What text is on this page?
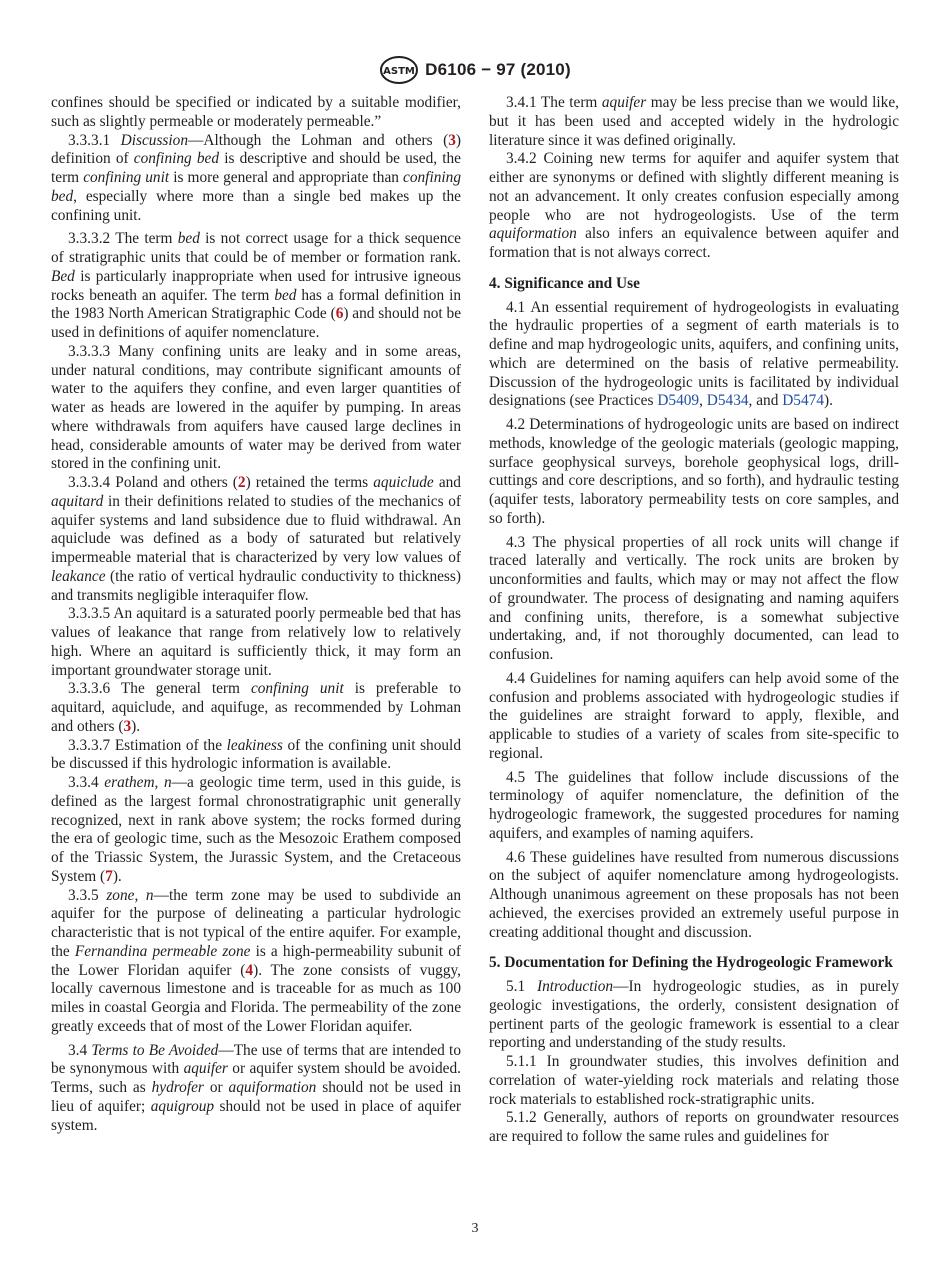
ASTM D6106 − 97 (2010)

confines should be specified or indicated by a suitable modifier, such as slightly permeable or moderately permeable.”

3.3.3.1 Discussion—Although the Lohman and others (3) definition of confining bed is descriptive and should be used, the term confining unit is more general and appropriate than confining bed, especially where more than a single bed makes up the confining unit.

3.3.3.2 The term bed is not correct usage for a thick sequence of stratigraphic units that could be of member or formation rank. Bed is particularly inappropriate when used for intrusive igneous rocks beneath an aquifer. The term bed has a formal definition in the 1983 North American Stratigraphic Code (6) and should not be used in definitions of aquifer nomenclature.

3.3.3.3 Many confining units are leaky and in some areas, under natural conditions, may contribute significant amounts of water to the aquifers they confine, and even larger quantities of water as heads are lowered in the aquifer by pumping. In areas where withdrawals from aquifers have caused large declines in head, considerable amounts of water may be derived from water stored in the confining unit.

3.3.3.4 Poland and others (2) retained the terms aquiclude and aquitard in their definitions related to studies of the mechanics of aquifer systems and land subsidence due to fluid withdrawal. An aquiclude was defined as a body of saturated but relatively impermeable material that is characterized by very low values of leakance (the ratio of vertical hydraulic conductivity to thickness) and transmits negligible interaquifer flow.

3.3.3.5 An aquitard is a saturated poorly permeable bed that has values of leakance that range from relatively low to relatively high. Where an aquitard is sufficiently thick, it may form an important groundwater storage unit.

3.3.3.6 The general term confining unit is preferable to aquitard, aquiclude, and aquifuge, as recommended by Lohman and others (3).

3.3.3.7 Estimation of the leakiness of the confining unit should be discussed if this hydrologic information is available.

3.3.4 erathem, n—a geologic time term, used in this guide, is defined as the largest formal chronostratigraphic unit generally recognized, next in rank above system; the rocks formed during the era of geologic time, such as the Mesozoic Erathem composed of the Triassic System, the Jurassic System, and the Cretaceous System (7).

3.3.5 zone, n—the term zone may be used to subdivide an aquifer for the purpose of delineating a particular hydrologic characteristic that is not typical of the entire aquifer. For example, the Fernandina permeable zone is a high-permeability subunit of the Lower Floridan aquifer (4). The zone consists of vuggy, locally cavernous limestone and is traceable for as much as 100 miles in coastal Georgia and Florida. The permeability of the zone greatly exceeds that of most of the Lower Floridan aquifer.

3.4 Terms to Be Avoided—The use of terms that are intended to be synonymous with aquifer or aquifer system should be avoided. Terms, such as hydrofer or aquiformation should not be used in lieu of aquifer; aquigroup should not be used in place of aquifer system.

3.4.1 The term aquifer may be less precise than we would like, but it has been used and accepted widely in the hydrologic literature since it was defined originally.

3.4.2 Coining new terms for aquifer and aquifer system that either are synonyms or defined with slightly different meaning is not an advancement. It only creates confusion especially among people who are not hydrogeologists. Use of the term aquiformation also infers an equivalence between aquifer and formation that is not always correct.

4. Significance and Use

4.1 An essential requirement of hydrogeologists in evaluating the hydraulic properties of a segment of earth materials is to define and map hydrogeologic units, aquifers, and confining units, which are determined on the basis of relative permeability. Discussion of the hydrogeologic units is facilitated by individual designations (see Practices D5409, D5434, and D5474).

4.2 Determinations of hydrogeologic units are based on indirect methods, knowledge of the geologic materials (geologic mapping, surface geophysical surveys, borehole geophysical logs, drill-cuttings and core descriptions, and so forth), and hydraulic testing (aquifer tests, laboratory permeability tests on core samples, and so forth).

4.3 The physical properties of all rock units will change if traced laterally and vertically. The rock units are broken by unconformities and faults, which may or may not affect the flow of groundwater. The process of designating and naming aquifers and confining units, therefore, is a somewhat subjective undertaking, and, if not thoroughly documented, can lead to confusion.

4.4 Guidelines for naming aquifers can help avoid some of the confusion and problems associated with hydrogeologic studies if the guidelines are straight forward to apply, flexible, and applicable to studies of a variety of scales from site-specific to regional.

4.5 The guidelines that follow include discussions of the terminology of aquifer nomenclature, the definition of the hydrogeologic framework, the suggested procedures for naming aquifers, and examples of naming aquifers.

4.6 These guidelines have resulted from numerous discussions on the subject of aquifer nomenclature among hydrogeologists. Although unanimous agreement on these proposals has not been achieved, the exercises provided an extremely useful purpose in creating additional thought and discussion.

5. Documentation for Defining the Hydrogeologic Framework

5.1 Introduction—In hydrogeologic studies, as in purely geologic investigations, the orderly, consistent designation of pertinent parts of the geologic framework is essential to a clear reporting and understanding of the study results.

5.1.1 In groundwater studies, this involves definition and correlation of water-yielding rock materials and relating those rock materials to established rock-stratigraphic units.

5.1.2 Generally, authors of reports on groundwater resources are required to follow the same rules and guidelines for

3
